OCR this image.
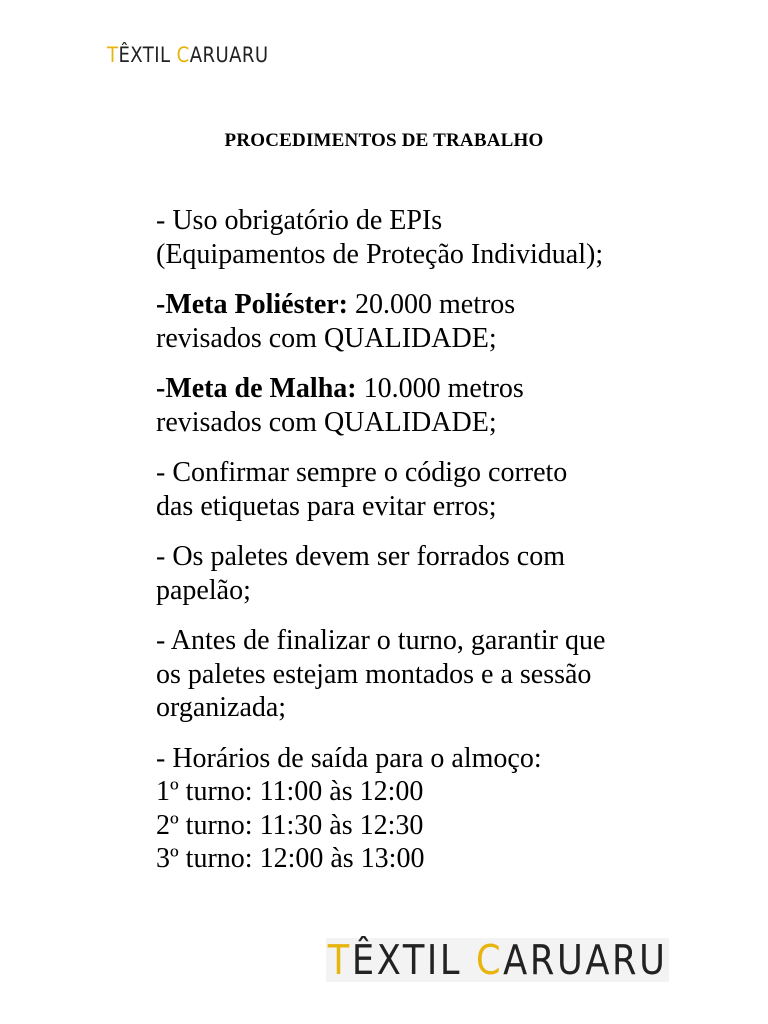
TÊXTIL CARUARU
PROCEDIMENTOS DE TRABALHO

- Uso obrigatório de EPIs
(Equipamentos de Proteção Individual);

-Meta Poliéster: 20.000 metros
revisados com QUALIDADE;

-Meta de Malha: 10.000 metros
revisados com QUALIDADE;

- Confirmar sempre o código correto
das etiquetas para evitar erros;

- Os paletes devem ser forrados com
papelão;

- Antes de finalizar o turno, garantir que
os paletes estejam montados e a sessão
organizada;

- Horários de saída para o almoço:
1º turno: 11:00 às 12:00
2º turno: 11:30 às 12:30
3º turno: 12:00 às 13:00

TÊXTIL CARUARU
